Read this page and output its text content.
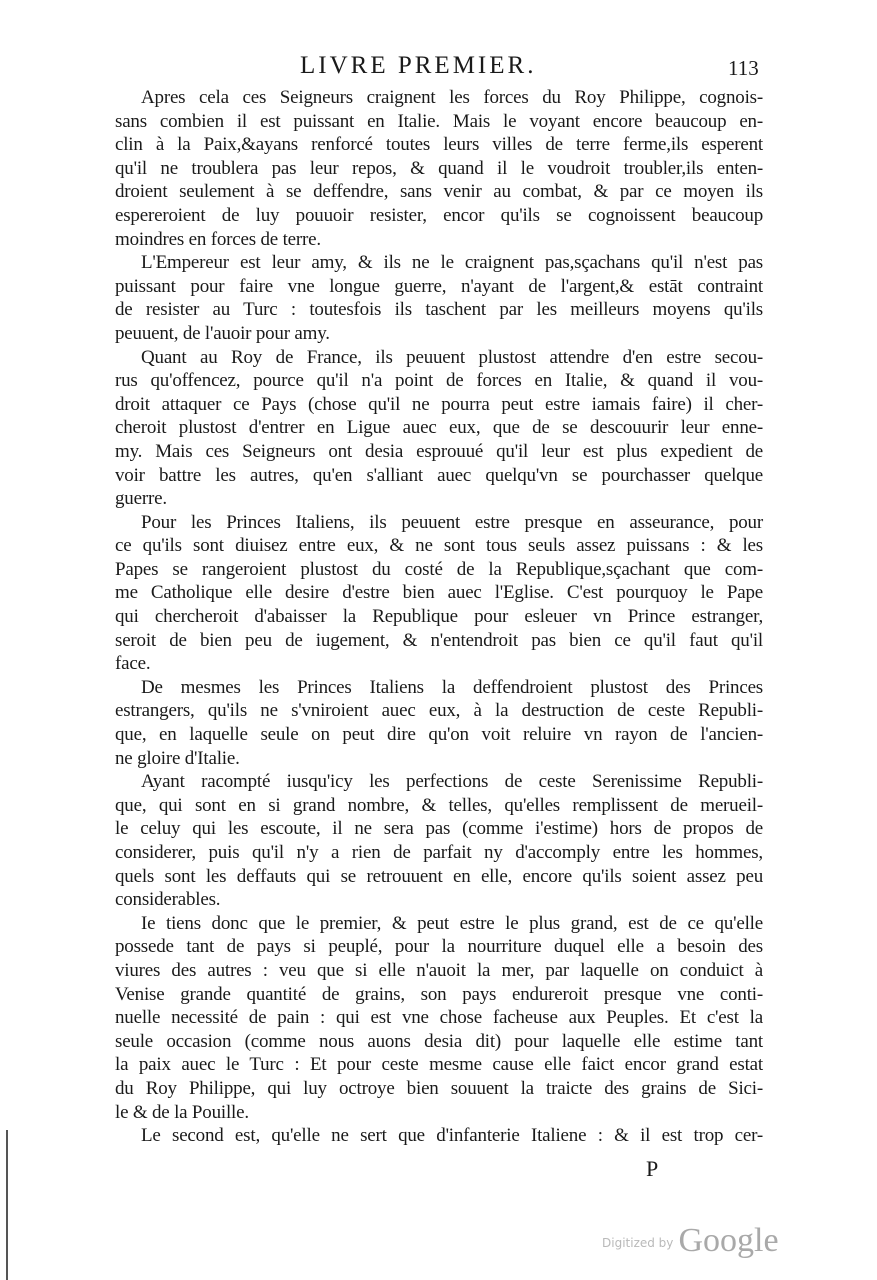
LIVRE PREMIER.	113
Apres cela ces Seigneurs craignent les forces du Roy Philippe, cognois-
sans combien il est puissant en Italie. Mais le voyant encore beaucoup en-
clin à la Paix,&ayans renforcé toutes leurs villes de terre ferme,ils esperent
qu'il ne troublera pas leur repos, & quand il le voudroit troubler,ils enten-
droient seulement à se deffendre, sans venir au combat, & par ce moyen ils
espereroient de luy pouuoir resister, encor qu'ils se cognoissent beaucoup
moindres en forces de terre.
L'Empereur est leur amy, & ils ne le craignent pas,sçachans qu'il n'est pas
puissant pour faire vne longue guerre, n'ayant de l'argent,& estāt contraint
de resister au Turc : toutesfois ils taschent par les meilleurs moyens qu'ils
peuuent, de l'auoir pour amy.
Quant au Roy de France, ils peuuent plustost attendre d'en estre secou-
rus qu'offencez, pource qu'il n'a point de forces en Italie, & quand il vou-
droit attaquer ce Pays (chose qu'il ne pourra peut estre iamais faire) il cher-
cheroit plustost d'entrer en Ligue auec eux, que de se descouurir leur enne-
my. Mais ces Seigneurs ont desia esprouué qu'il leur est plus expedient de
voir battre les autres, qu'en s'alliant auec quelqu'vn se pourchasser quelque
guerre.
Pour les Princes Italiens, ils peuuent estre presque en asseurance, pour
ce qu'ils sont diuisez entre eux, & ne sont tous seuls assez puissans : & les
Papes se rangeroient plustost du costé de la Republique,sçachant que com-
me Catholique elle desire d'estre bien auec l'Eglise. C'est pourquoy le Pape
qui chercheroit d'abaisser la Republique pour esleuer vn Prince estranger,
seroit de bien peu de iugement, & n'entendroit pas bien ce qu'il faut qu'il
face.
De mesmes les Princes Italiens la deffendroient plustost des Princes
estrangers, qu'ils ne s'vniroient auec eux, à la destruction de ceste Republi-
que, en laquelle seule on peut dire qu'on voit reluire vn rayon de l'ancien-
ne gloire d'Italie.
Ayant racompté iusqu'icy les perfections de ceste Serenissime Republi-
que, qui sont en si grand nombre, & telles, qu'elles remplissent de merueil-
le celuy qui les escoute, il ne sera pas (comme i'estime) hors de propos de
considerer, puis qu'il n'y a rien de parfait ny d'accomply entre les hommes,
quels sont les deffauts qui se retrouuent en elle, encore qu'ils soient assez peu
considerables.
Ie tiens donc que le premier, & peut estre le plus grand, est de ce qu'elle
possede tant de pays si peuplé, pour la nourriture duquel elle a besoin des
viures des autres : veu que si elle n'auoit la mer, par laquelle on conduict à
Venise grande quantité de grains, son pays endureroit presque vne conti-
nuelle necessité de pain : qui est vne chose facheuse aux Peuples. Et c'est la
seule occasion (comme nous auons desia dit) pour laquelle elle estime tant
la paix auec le Turc : Et pour ceste mesme cause elle faict encor grand estat
du Roy Philippe, qui luy octroye bien souuent la traicte des grains de Sici-
le & de la Pouille.
Le second est, qu'elle ne sert que d'infanterie Italiene : & il est trop cer-
P
$^{Digitized by}$ Google
